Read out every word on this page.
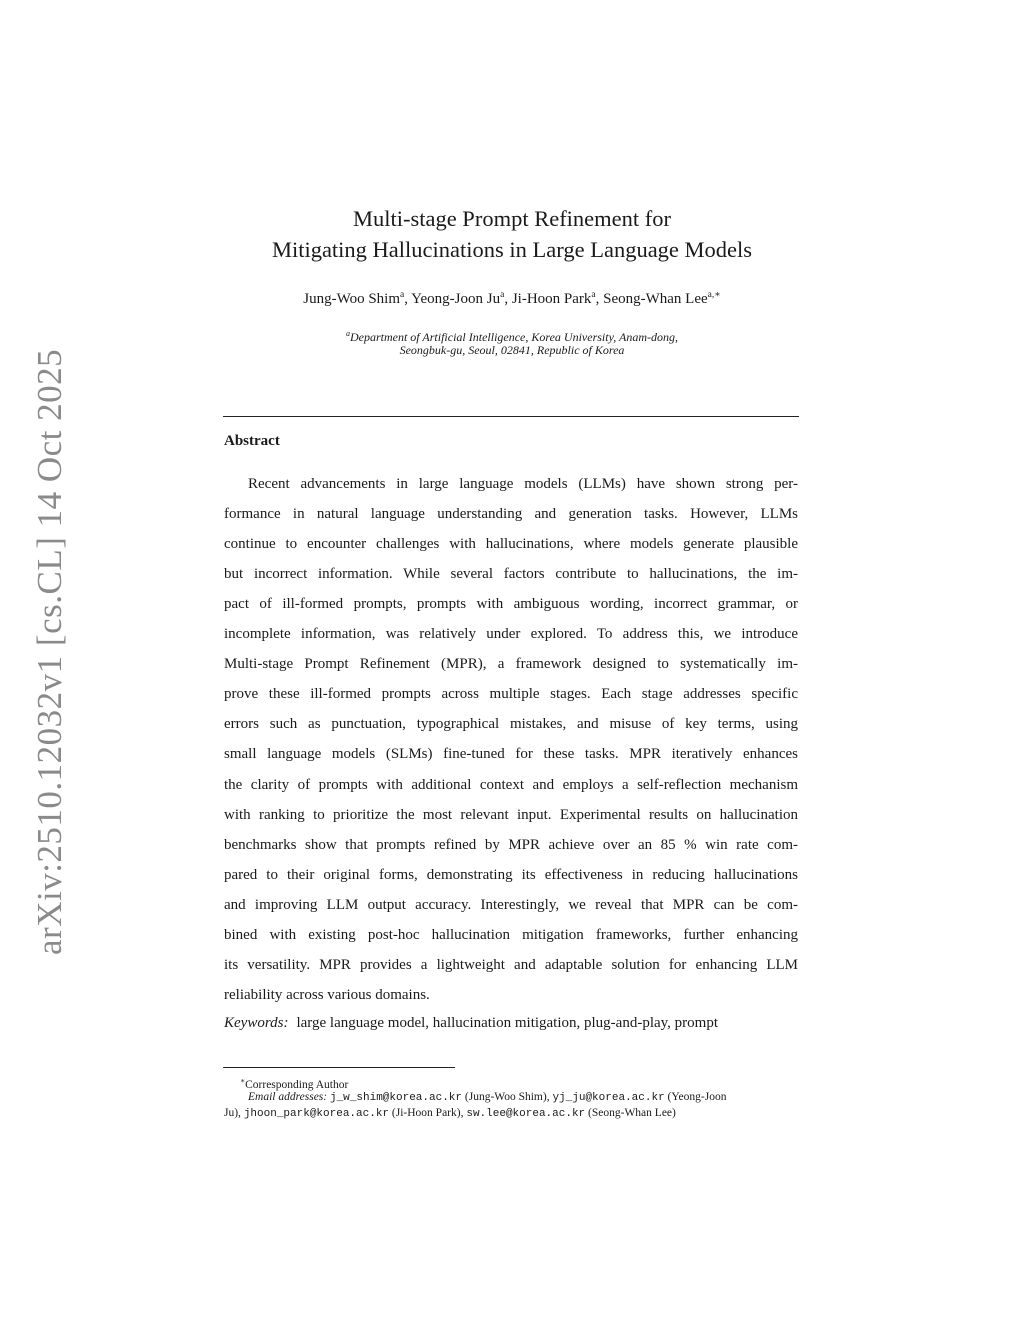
arXiv:2510.12032v1 [cs.CL] 14 Oct 2025
Multi-stage Prompt Refinement for
Mitigating Hallucinations in Large Language Models
Jung-Woo Shim$^a$, Yeong-Joon Ju$^a$, Ji-Hoon Park$^a$, Seong-Whan Lee$^{a,∗}$
$^a$Department of Artificial Intelligence, Korea University, Anam-dong,
Seongbuk-gu, Seoul, 02841, Republic of Korea
Abstract
Recent advancements in large language models (LLMs) have shown strong per-
formance in natural language understanding and generation tasks. However, LLMs
continue to encounter challenges with hallucinations, where models generate plausible
but incorrect information. While several factors contribute to hallucinations, the im-
pact of ill-formed prompts, prompts with ambiguous wording, incorrect grammar, or
incomplete information, was relatively under explored. To address this, we introduce
Multi-stage Prompt Refinement (MPR), a framework designed to systematically im-
prove these ill-formed prompts across multiple stages. Each stage addresses specific
errors such as punctuation, typographical mistakes, and misuse of key terms, using
small language models (SLMs) fine-tuned for these tasks. MPR iteratively enhances
the clarity of prompts with additional context and employs a self-reflection mechanism
with ranking to prioritize the most relevant input. Experimental results on hallucination
benchmarks show that prompts refined by MPR achieve over an 85 % win rate com-
pared to their original forms, demonstrating its effectiveness in reducing hallucinations
and improving LLM output accuracy. Interestingly, we reveal that MPR can be com-
bined with existing post-hoc hallucination mitigation frameworks, further enhancing
its versatility. MPR provides a lightweight and adaptable solution for enhancing LLM
reliability across various domains.
Keywords: large language model, hallucination mitigation, plug-and-play, prompt
∗Corresponding Author
Email addresses: j_w_shim@korea.ac.kr (Jung-Woo Shim), yj_ju@korea.ac.kr (Yeong-Joon
Ju), jhoon_park@korea.ac.kr (Ji-Hoon Park), sw.lee@korea.ac.kr (Seong-Whan Lee)
